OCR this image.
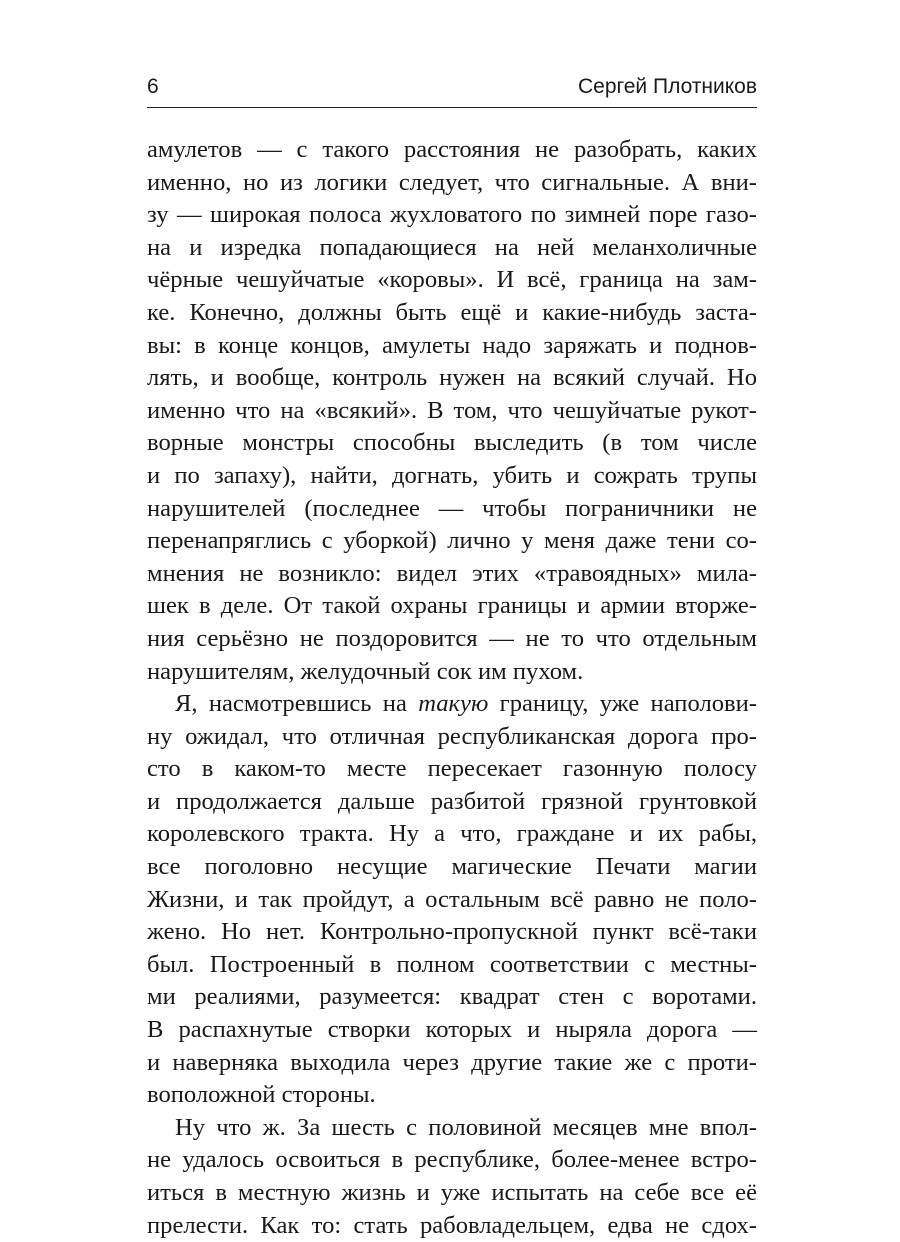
6	Сергей Плотников
амулетов — с такого расстояния не разобрать, каких
именно, но из логики следует, что сигнальные. А вни-
зу — широкая полоса жухловатого по зимней поре газо-
на и изредка попадающиеся на ней меланхоличные
чёрные чешуйчатые «коровы». И всё, граница на зам-
ке. Конечно, должны быть ещё и какие-нибудь заста-
вы: в конце концов, амулеты надо заряжать и поднов-
лять, и вообще, контроль нужен на всякий случай. Но
именно что на «всякий». В том, что чешуйчатые рукот-
ворные монстры способны выследить (в том числе
и по запаху), найти, догнать, убить и сожрать трупы
нарушителей (последнее — чтобы пограничники не
перенапряглись с уборкой) лично у меня даже тени со-
мнения не возникло: видел этих «травоядных» мила-
шек в деле. От такой охраны границы и армии вторже-
ния серьёзно не поздоровится — не то что отдельным
нарушителям, желудочный сок им пухом.
Я, насмотревшись на такую границу, уже наполови-
ну ожидал, что отличная республиканская дорога про-
сто в каком-то месте пересекает газонную полосу
и продолжается дальше разбитой грязной грунтовкой
королевского тракта. Ну а что, граждане и их рабы,
все поголовно несущие магические Печати магии
Жизни, и так пройдут, а остальным всё равно не поло-
жено. Но нет. Контрольно-пропускной пункт всё-таки
был. Построенный в полном соответствии с местны-
ми реалиями, разумеется: квадрат стен с воротами.
В распахнутые створки которых и ныряла дорога —
и наверняка выходила через другие такие же с проти-
воположной стороны.
Ну что ж. За шесть с половиной месяцев мне впол-
не удалось освоиться в республике, более-менее встро-
иться в местную жизнь и уже испытать на себе все её
прелести. Как то: стать рабовладельцем, едва не сдох-
